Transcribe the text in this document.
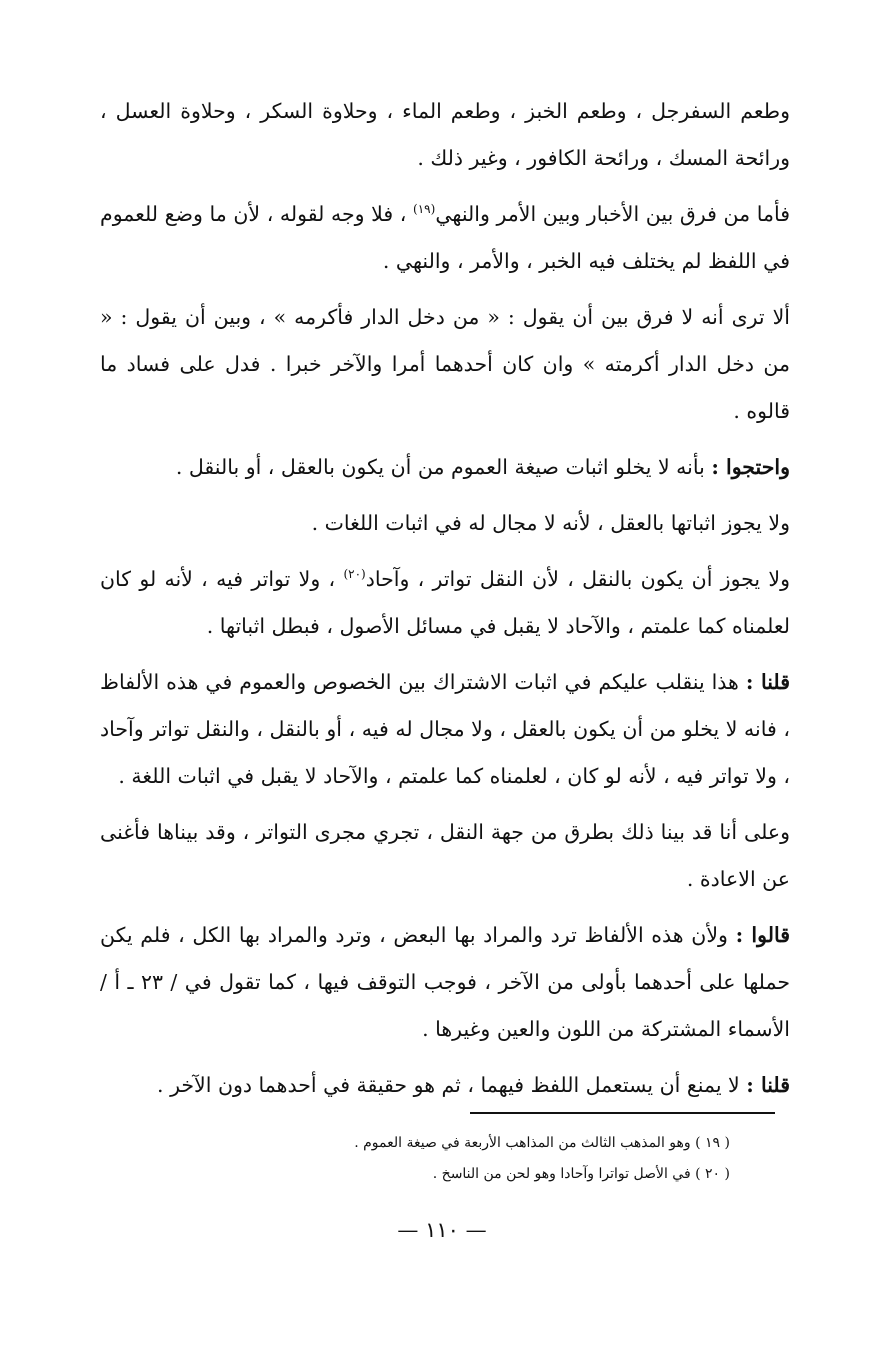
وطعم السفرجل ، وطعم الخبز ، وطعم الماء ، وحلاوة السكر ، وحلاوة العسل ، ورائحة المسك ، ورائحة الكافور ، وغير ذلك .

فأما من فرق بين الأخبار وبين الأمر والنهي$^{(١٩)}$ ، فلا وجه لقوله ، لأن ما وضع للعموم في اللفظ لم يختلف فيه الخبر ، والأمر ، والنهي .

ألا ترى أنه لا فرق بين أن يقول : « من دخل الدار فأكرمه » ، وبين أن يقول : « من دخل الدار أكرمته » وان كان أحدهما أمرا والآخر خبرا . فدل على فساد ما قالوه .

واحتجوا : بأنه لا يخلو اثبات صيغة العموم من أن يكون بالعقل ، أو بالنقل .

ولا يجوز اثباتها بالعقل ، لأنه لا مجال له في اثبات اللغات .

ولا يجوز أن يكون بالنقل ، لأن النقل تواتر ، وآحاد$^{(٢٠)}$ ، ولا تواتر فيه ، لأنه لو كان لعلمناه كما علمتم ، والآحاد لا يقبل في مسائل الأصول ، فبطل اثباتها .

قلنا : هذا ينقلب عليكم في اثبات الاشتراك بين الخصوص والعموم في هذه الألفاظ ، فانه لا يخلو من أن يكون بالعقل ، ولا مجال له فيه ، أو بالنقل ، والنقل تواتر وآحاد ، ولا تواتر فيه ، لأنه لو كان ، لعلمناه كما علمتم ، والآحاد لا يقبل في اثبات اللغة .

وعلى أنا قد بينا ذلك بطرق من جهة النقل ، تجري مجرى التواتر ، وقد بيناها فأغنى عن الاعادة .

قالوا : ولأن هذه الألفاظ ترد والمراد بها البعض ، وترد والمراد بها الكل ، فلم يكن حملها على أحدهما بأولى من الآخر ، فوجب التوقف فيها ، كما تقول في / ٢٣ ـ أ / الأسماء المشتركة من اللون والعين وغيرها .

قلنا : لا يمنع أن يستعمل اللفظ فيهما ، ثم هو حقيقة في أحدهما دون الآخر .

( ١٩ ) وهو المذهب الثالث من المذاهب الأربعة في صيغة العموم .

( ٢٠ ) في الأصل تواترا وآحادا وهو لحن من الناسخ .

— ١١٠ —
